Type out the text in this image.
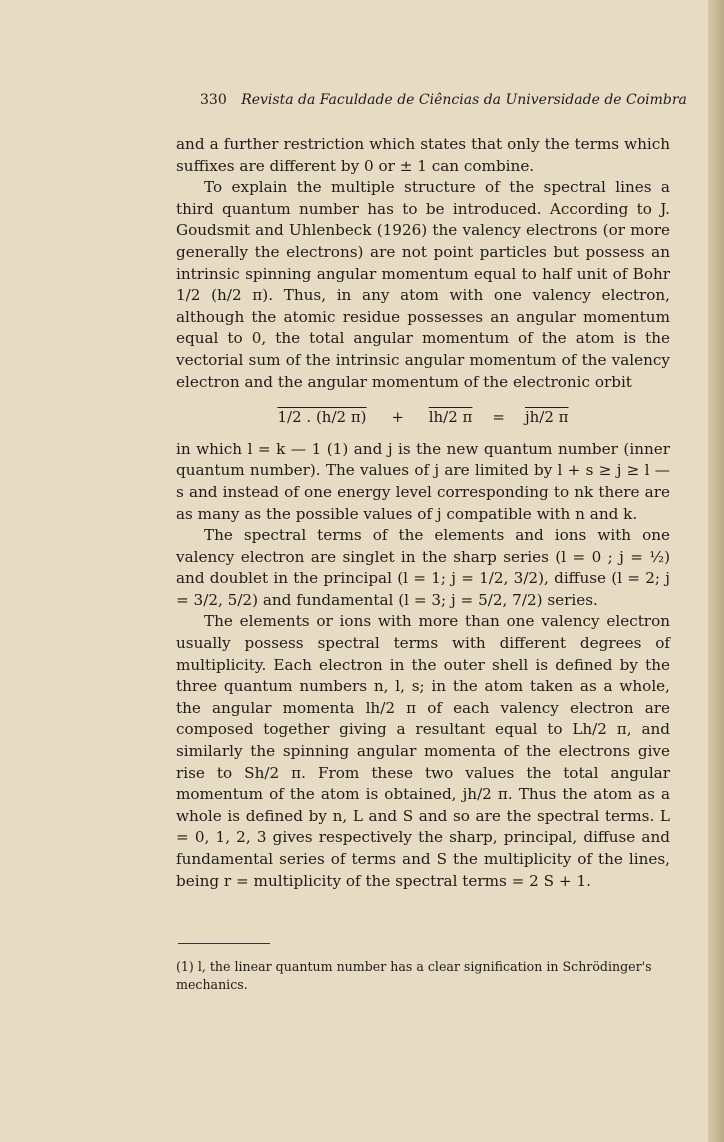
330 Revista da Faculdade de Ciências da Universidade de Coimbra

and a further restriction which states that only the terms which suffixes are different by 0 or ± 1 can combine.

To explain the multiple structure of the spectral lines a third quantum number has to be introduced. According to J. Goudsmit and Uhlenbeck (1926) the valency electrons (or more generally the electrons) are not point particles but possess an intrinsic spinning angular momentum equal to half unit of Bohr 1/2 (h/2 π). Thus, in any atom with one valency electron, although the atomic residue possesses an angular momentum equal to 0, the total angular momentum of the atom is the vectorial sum of the intrinsic angular momentum of the valency electron and the angular momentum of the electronic orbit

1/2 . (h/2 π) + lh/2 π = jh/2 π

in which l = k — 1 (1) and j is the new quantum number (inner quantum number). The values of j are limited by l + s ≥ j ≥ l — s and instead of one energy level corresponding to nk there are as many as the possible values of j compatible with n and k.

The spectral terms of the elements and ions with one valency electron are singlet in the sharp series (l = 0 ; j = ½) and doublet in the principal (l = 1; j = 1/2, 3/2), diffuse (l = 2; j = 3/2, 5/2) and fundamental (l = 3; j = 5/2, 7/2) series.

The elements or ions with more than one valency electron usually possess spectral terms with different degrees of multiplicity. Each electron in the outer shell is defined by the three quantum numbers n, l, s; in the atom taken as a whole, the angular momenta lh/2 π of each valency electron are composed together giving a resultant equal to Lh/2 π, and similarly the spinning angular momenta of the electrons give rise to Sh/2 π. From these two values the total angular momentum of the atom is obtained, jh/2 π. Thus the atom as a whole is defined by n, L and S and so are the spectral terms. L = 0, 1, 2, 3 gives respectively the sharp, principal, diffuse and fundamental series of terms and S the multiplicity of the lines, being r = multiplicity of the spectral terms = 2 S + 1.

(1) l, the linear quantum number has a clear signification in Schrödinger's mechanics.
